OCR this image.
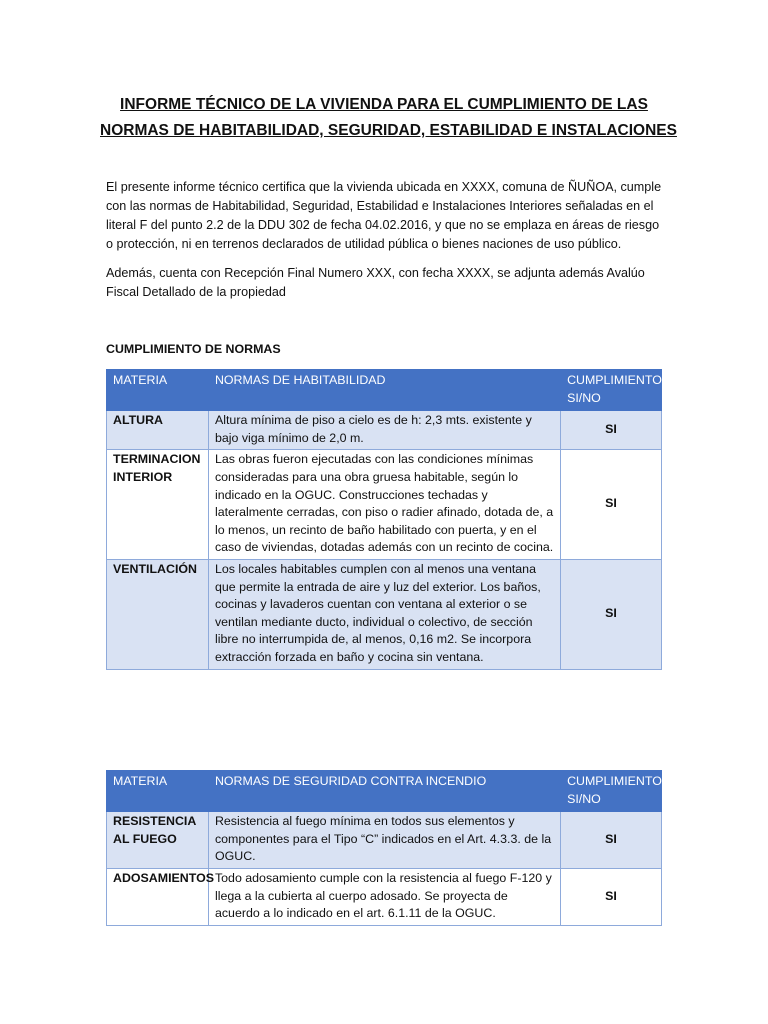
INFORME TÉCNICO DE LA VIVIENDA PARA EL CUMPLIMIENTO DE LAS
NORMAS DE HABITABILIDAD, SEGURIDAD, ESTABILIDAD E INSTALACIONES

El presente informe técnico certifica que la vivienda ubicada en XXXX, comuna de ÑUÑOA, cumple con las normas de Habitabilidad, Seguridad, Estabilidad e Instalaciones Interiores señaladas en el literal F del punto 2.2 de la DDU 302 de fecha 04.02.2016, y que no se emplaza en áreas de riesgo o protección, ni en terrenos declarados de utilidad pública o bienes naciones de uso público.

Además, cuenta con Recepción Final Numero XXX, con fecha XXXX, se adjunta además Avalúo Fiscal Detallado de la propiedad

CUMPLIMIENTO DE NORMAS
MATERIA	NORMAS DE HABITABILIDAD	CUMPLIMIENTO SI/NO
ALTURA	Altura mínima de piso a cielo es de h: 2,3 mts. existente y bajo viga mínimo de 2,0 m.	SI
TERMINACION INTERIOR	Las obras fueron ejecutadas con las condiciones mínimas consideradas para una obra gruesa habitable, según lo indicado en la OGUC. Construcciones techadas y lateralmente cerradas, con piso o radier afinado, dotada de, a lo menos, un recinto de baño habilitado con puerta, y en el caso de viviendas, dotadas además con un recinto de cocina.	SI
VENTILACIÓN	Los locales habitables cumplen con al menos una ventana que permite la entrada de aire y luz del exterior. Los baños, cocinas y lavaderos cuentan con ventana al exterior o se ventilan mediante ducto, individual o colectivo, de sección libre no interrumpida de, al menos, 0,16 m2. Se incorpora extracción forzada en baño y cocina sin ventana.	SI
MATERIA	NORMAS DE SEGURIDAD CONTRA INCENDIO	CUMPLIMIENTO SI/NO
RESISTENCIA AL FUEGO	Resistencia al fuego mínima en todos sus elementos y componentes para el Tipo “C” indicados en el Art. 4.3.3. de la OGUC.	SI
ADOSAMIENTOS	Todo adosamiento cumple con la resistencia al fuego F-120 y llega a la cubierta al cuerpo adosado. Se proyecta de acuerdo a lo indicado en el art. 6.1.11 de la OGUC.	SI
